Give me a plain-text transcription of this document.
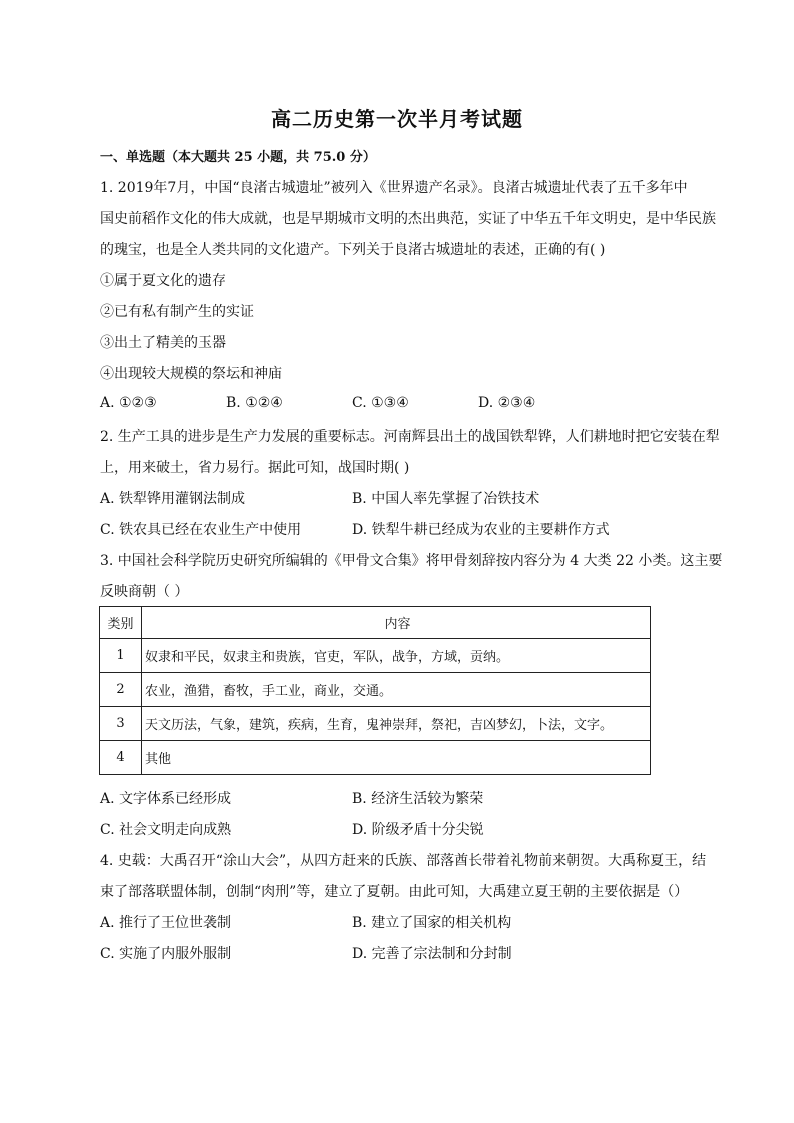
高二历史第一次半月考试题
一、单选题（本大题共 25 小题，共 75.0 分）
1. 2019年7月，中国“良渚古城遗址”被列入《世界遗产名录》。良渚古城遗址代表了五千多年中
国史前稻作文化的伟大成就，也是早期城市文明的杰出典范，实证了中华五千年文明史，是中华民族
的瑰宝，也是全人类共同的文化遗产。下列关于良渚古城遗址的表述，正确的有( )
①属于夏文化的遗存
②已有私有制产生的实证
③出土了精美的玉器
④出现较大规模的祭坛和神庙
A. ①②③	B. ①②④	C. ①③④	D. ②③④
2. 生产工具的进步是生产力发展的重要标志。河南辉县出土的战国铁犁铧，人们耕地时把它安装在犁
上，用来破土，省力易行。据此可知，战国时期( )
A. 铁犁铧用灌钢法制成	B. 中国人率先掌握了冶铁技术
C. 铁农具已经在农业生产中使用	D. 铁犁牛耕已经成为农业的主要耕作方式
3. 中国社会科学院历史研究所编辑的《甲骨文合集》将甲骨刻辞按内容分为 4 大类 22 小类。这主要
反映商朝（ ）
类别	内容
1	奴隶和平民，奴隶主和贵族，官吏，军队，战争，方域，贡纳。
2	农业，渔猎，畜牧，手工业，商业，交通。
3	天文历法，气象，建筑，疾病，生育，鬼神崇拜，祭祀，吉凶梦幻，卜法，文字。
4	其他
A. 文字体系已经形成	B. 经济生活较为繁荣
C. 社会文明走向成熟	D. 阶级矛盾十分尖锐
4. 史载：大禹召开“涂山大会”，从四方赶来的氏族、部落酋长带着礼物前来朝贺。大禹称夏王，结
束了部落联盟体制，创制“肉刑”等，建立了夏朝。由此可知，大禹建立夏王朝的主要依据是（）
A. 推行了王位世袭制	B. 建立了国家的相关机构
C. 实施了内服外服制	D. 完善了宗法制和分封制
